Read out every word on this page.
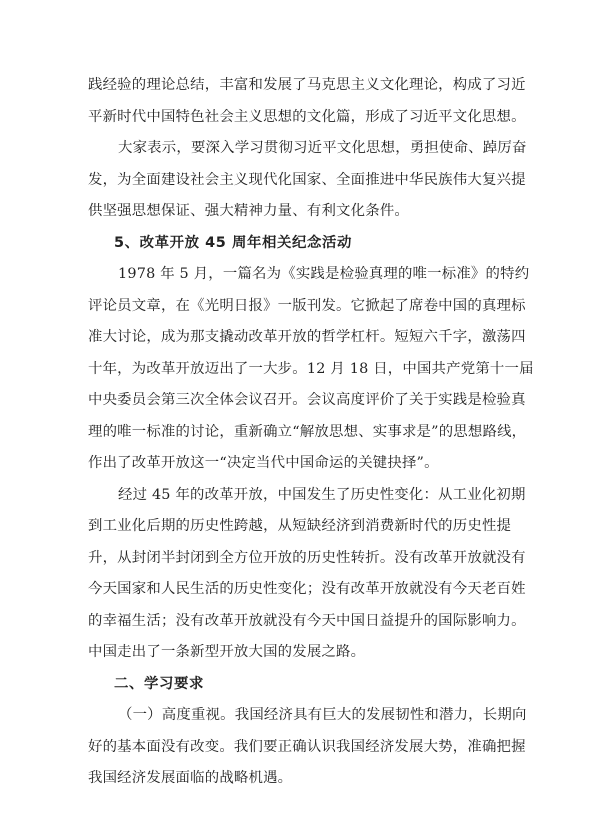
践经验的理论总结，丰富和发展了马克思主义文化理论，构成了习近
平新时代中国特色社会主义思想的文化篇，形成了习近平文化思想。
大家表示，要深入学习贯彻习近平文化思想，勇担使命、踔厉奋
发，为全面建设社会主义现代化国家、全面推进中华民族伟大复兴提
供坚强思想保证、强大精神力量、有利文化条件。
5、改革开放 45 周年相关纪念活动
1978 年 5 月，一篇名为《实践是检验真理的唯一标准》的特约
评论员文章，在《光明日报》一版刊发。它掀起了席卷中国的真理标
准大讨论，成为那支撬动改革开放的哲学杠杆。短短六千字，激荡四
十年，为改革开放迈出了一大步。12 月 18 日，中国共产党第十一届
中央委员会第三次全体会议召开。会议高度评价了关于实践是检验真
理的唯一标准的讨论，重新确立“解放思想、实事求是”的思想路线，
作出了改革开放这一“决定当代中国命运的关键抉择”。
经过 45 年的改革开放，中国发生了历史性变化：从工业化初期
到工业化后期的历史性跨越，从短缺经济到消费新时代的历史性提
升，从封闭半封闭到全方位开放的历史性转折。没有改革开放就没有
今天国家和人民生活的历史性变化；没有改革开放就没有今天老百姓
的幸福生活；没有改革开放就没有今天中国日益提升的国际影响力。
中国走出了一条新型开放大国的发展之路。
二、学习要求
（一）高度重视。我国经济具有巨大的发展韧性和潜力，长期向
好的基本面没有改变。我们要正确认识我国经济发展大势，准确把握
我国经济发展面临的战略机遇。
